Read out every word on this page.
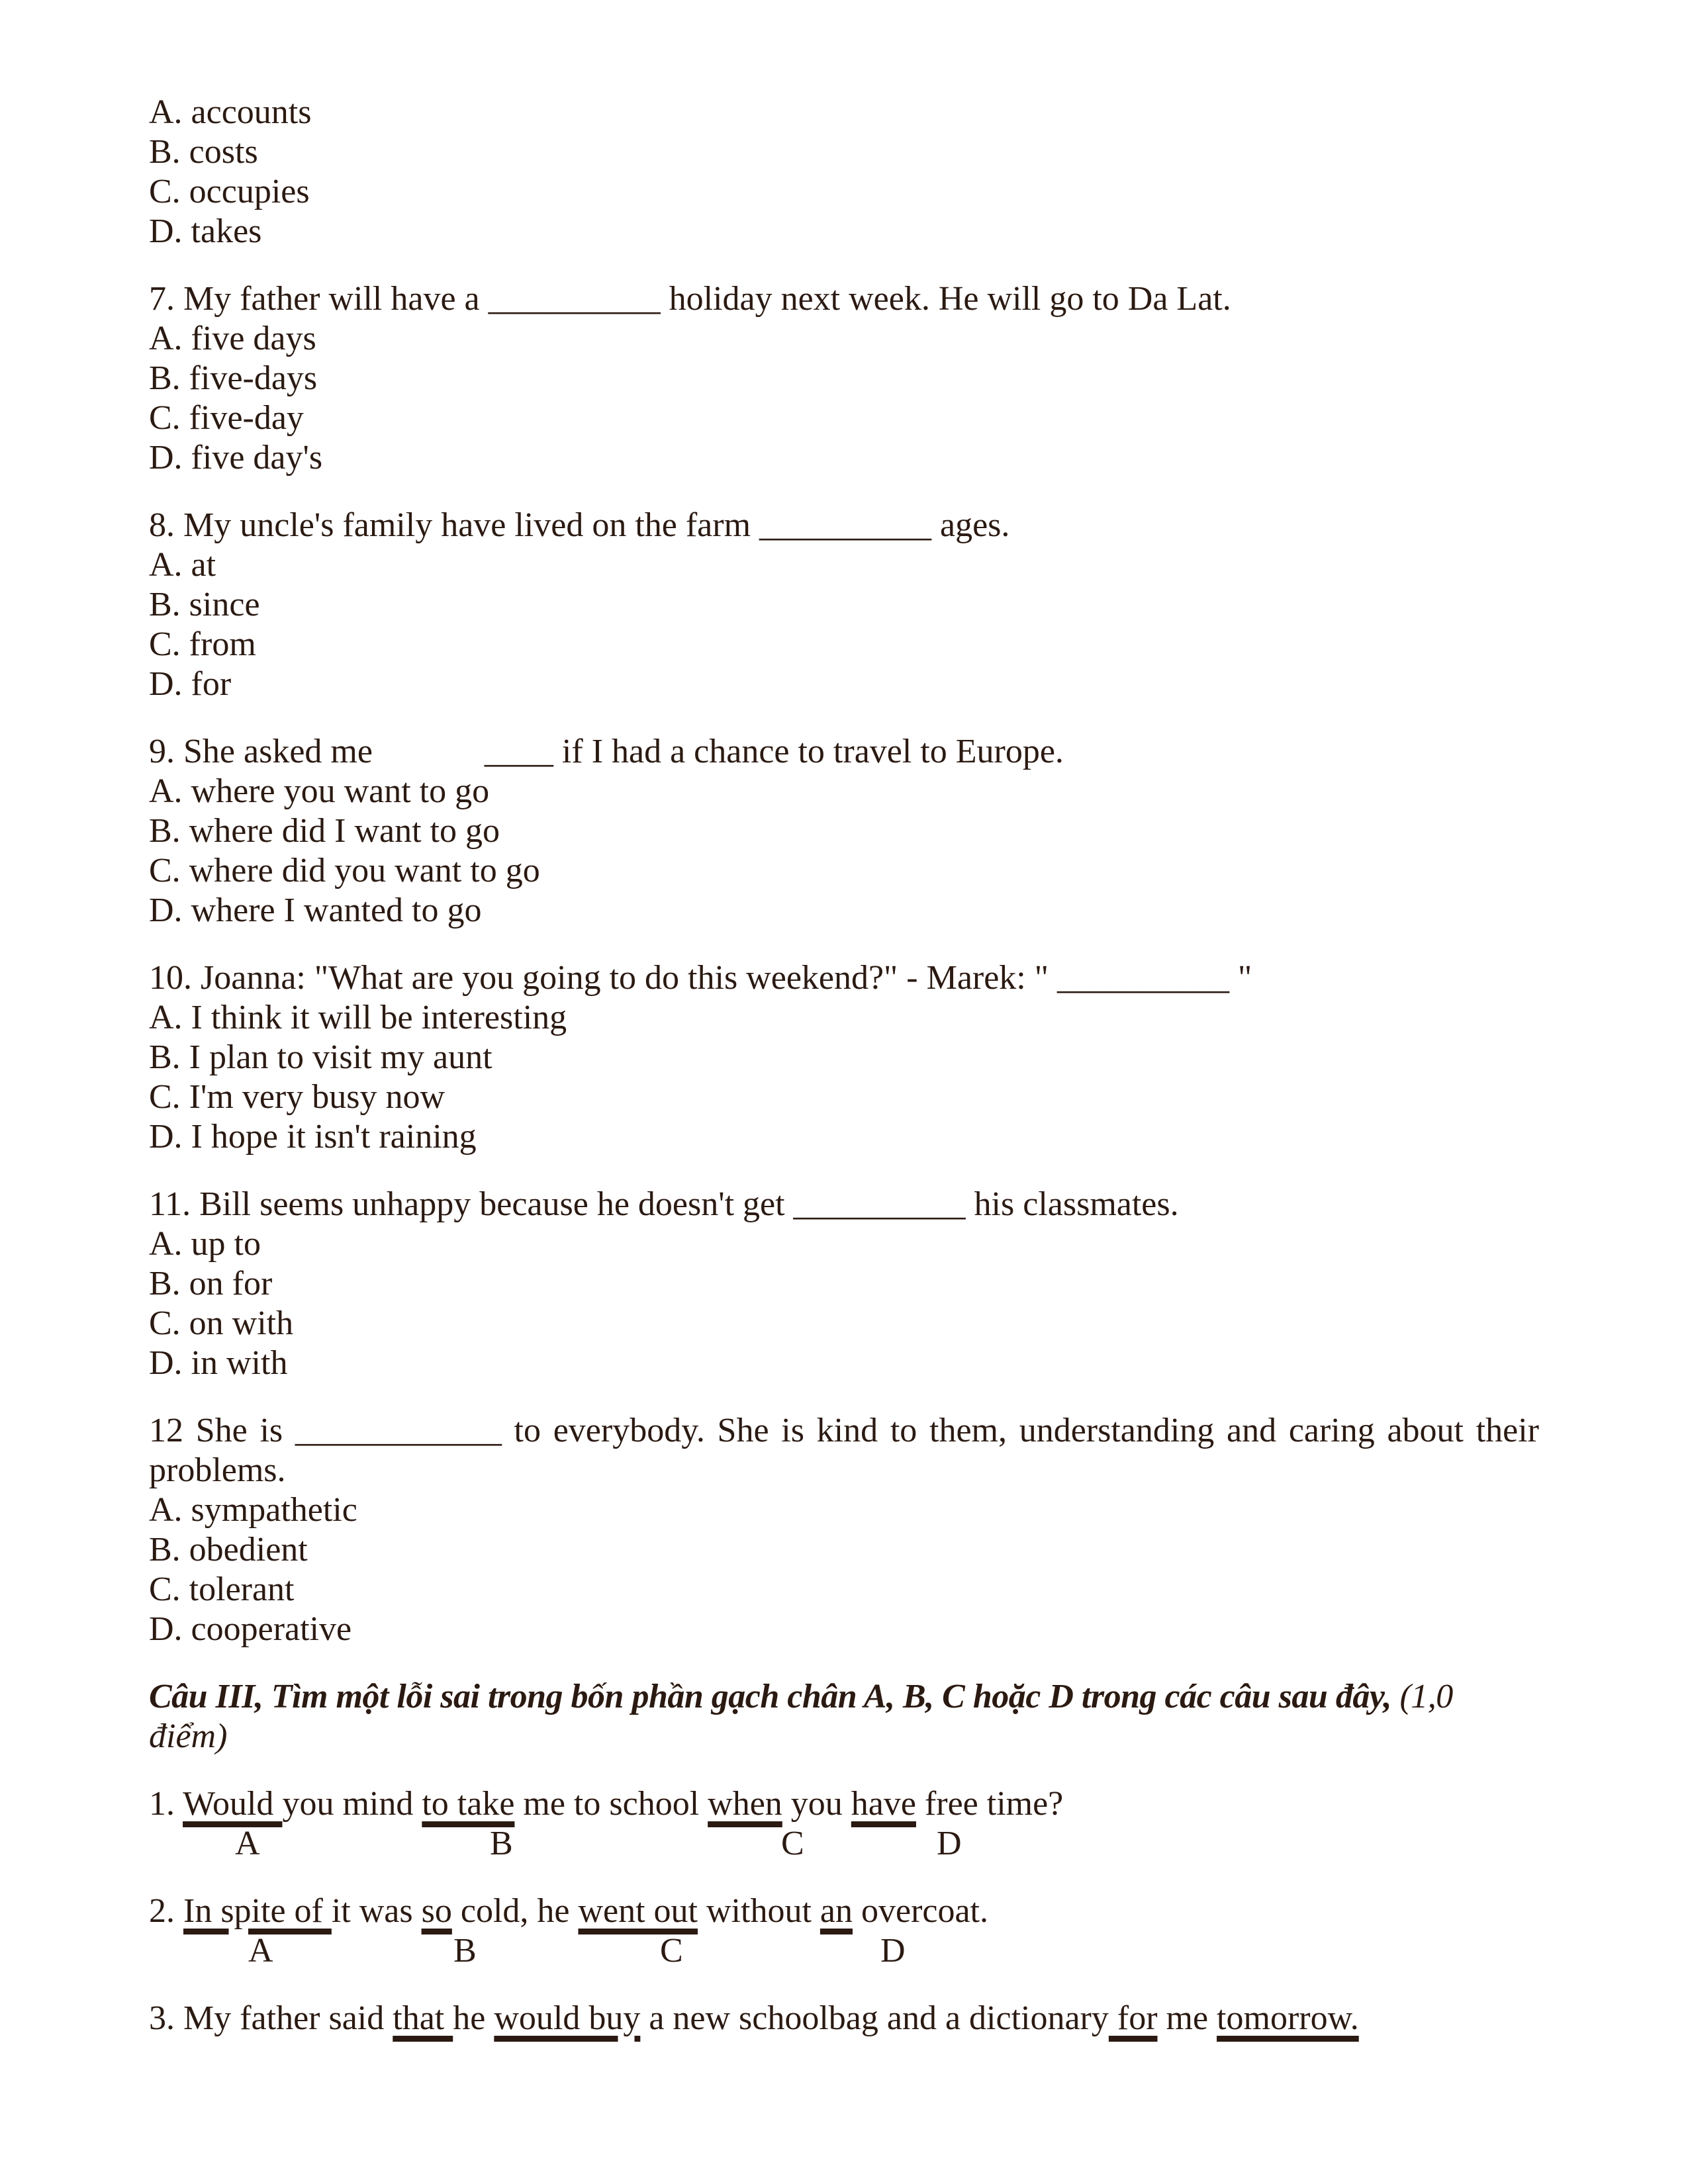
A. accounts

B. costs

C. occupies

D. takes

7. My father will have a __________ holiday next week. He will go to Da Lat.

A. five days

B. five-days

C. five-day

D. five day's

8. My uncle's family have lived on the farm __________ ages.

A. at

B. since

C. from

D. for

9. She asked me             ____ if I had a chance to travel to Europe.

A. where you want to go

B. where did I want to go

C. where did you want to go

D. where I wanted to go

10. Joanna: "What are you going to do this weekend?" - Marek: " __________ "

A. I think it will be interesting

B. I plan to visit my aunt

C. I'm very busy now

D. I hope it isn't raining

11. Bill seems unhappy because he doesn't get __________ his classmates.

A. up to

B. on for

C. on with

D. in with

12 She is ____________ to everybody. She is kind to them, understanding and caring about their problems.

A. sympathetic

B. obedient

C. tolerant

D. cooperative

Câu III, Tìm một lỗi sai trong bốn phần gạch chân A, B, C hoặc D trong các câu sau đây, (1,0

điểm)

1. Would you mind to take me to school when you have free time?

A	B	C	D

2. In spite of it was so cold, he went out without an overcoat.

A	B	C	D

3. My father said that he would buy a new schoolbag and a dictionary for me tomorrow.
